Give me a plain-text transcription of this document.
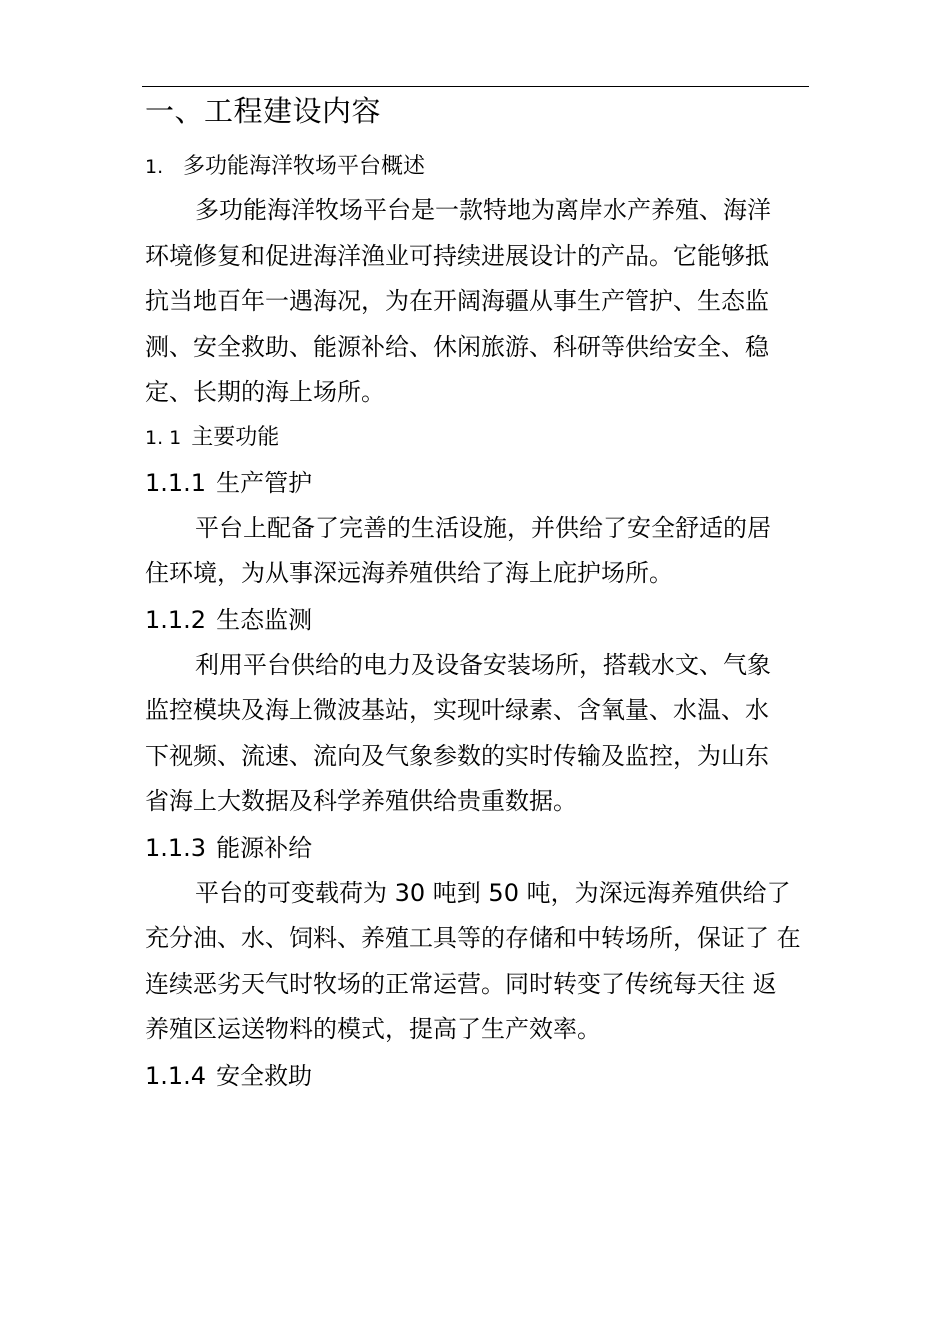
一、工程建设内容
1. 多功能海洋牧场平台概述
多功能海洋牧场平台是一款特地为离岸水产养殖、海洋
环境修复和促进海洋渔业可持续进展设计的产品。它能够抵
抗当地百年一遇海况，为在开阔海疆从事生产管护、生态监
测、安全救助、能源补给、休闲旅游、科研等供给安全、稳
定、长期的海上场所。
1. 1 主要功能
1.1.1 生产管护
平台上配备了完善的生活设施，并供给了安全舒适的居
住环境，为从事深远海养殖供给了海上庇护场所。
1.1.2 生态监测
利用平台供给的电力及设备安装场所，搭载水文、气象
监控模块及海上微波基站，实现叶绿素、含氧量、水温、水
下视频、流速、流向及气象参数的实时传输及监控，为山东
省海上大数据及科学养殖供给贵重数据。
1.1.3 能源补给
平台的可变载荷为 30 吨到 50 吨，为深远海养殖供给了
充分油、水、饲料、养殖工具等的存储和中转场所，保证了 在
连续恶劣天气时牧场的正常运营。同时转变了传统每天往 返
养殖区运送物料的模式，提高了生产效率。
1.1.4 安全救助
